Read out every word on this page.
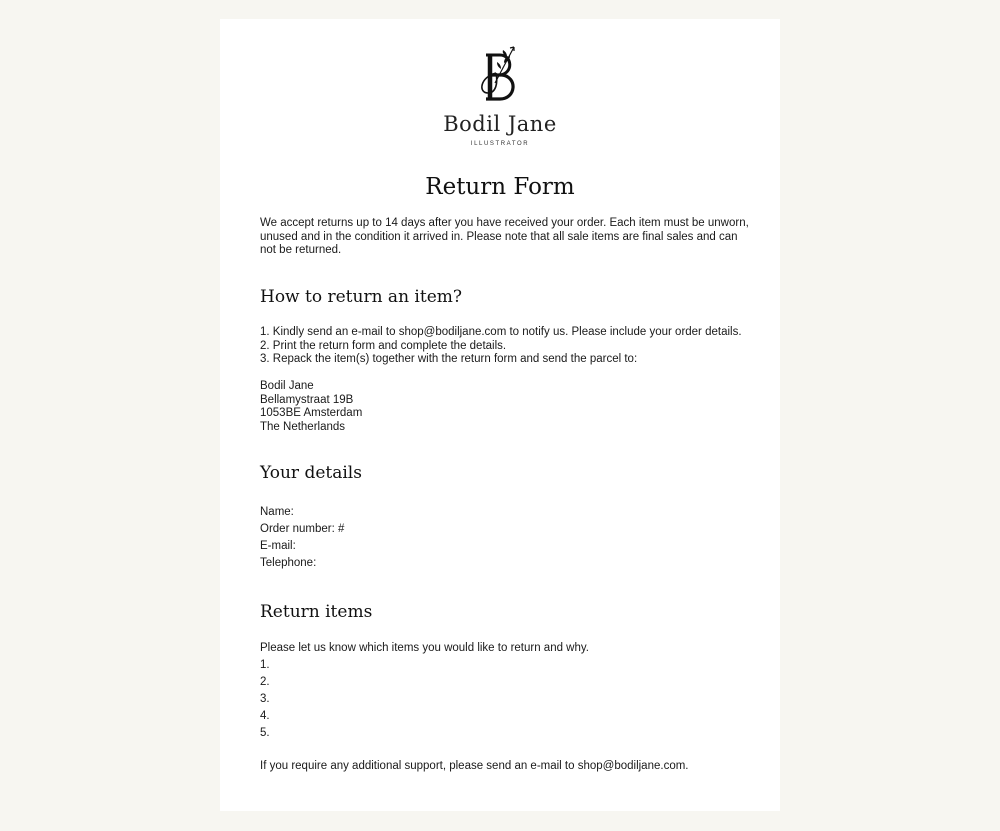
Bodil Jane
ILLUSTRATOR
Return Form

We accept returns up to 14 days after you have received your order. Each item must be unworn, unused and in the condition it arrived in. Please note that all sale items are final sales and can not be returned.

How to return an item?
1. Kindly send an e-mail to shop@bodiljane.com to notify us. Please include your order details.
2. Print the return form and complete the details.
3. Repack the item(s) together with the return form and send the parcel to:
Bodil Jane
Bellamystraat 19B
1053BE Amsterdam
The Netherlands
Your details
Name:
Order number: #
E-mail:
Telephone:
Return items
Please let us know which items you would like to return and why.
1.
2.
3.
4.
5.

If you require any additional support, please send an e-mail to shop@bodiljane.com.
